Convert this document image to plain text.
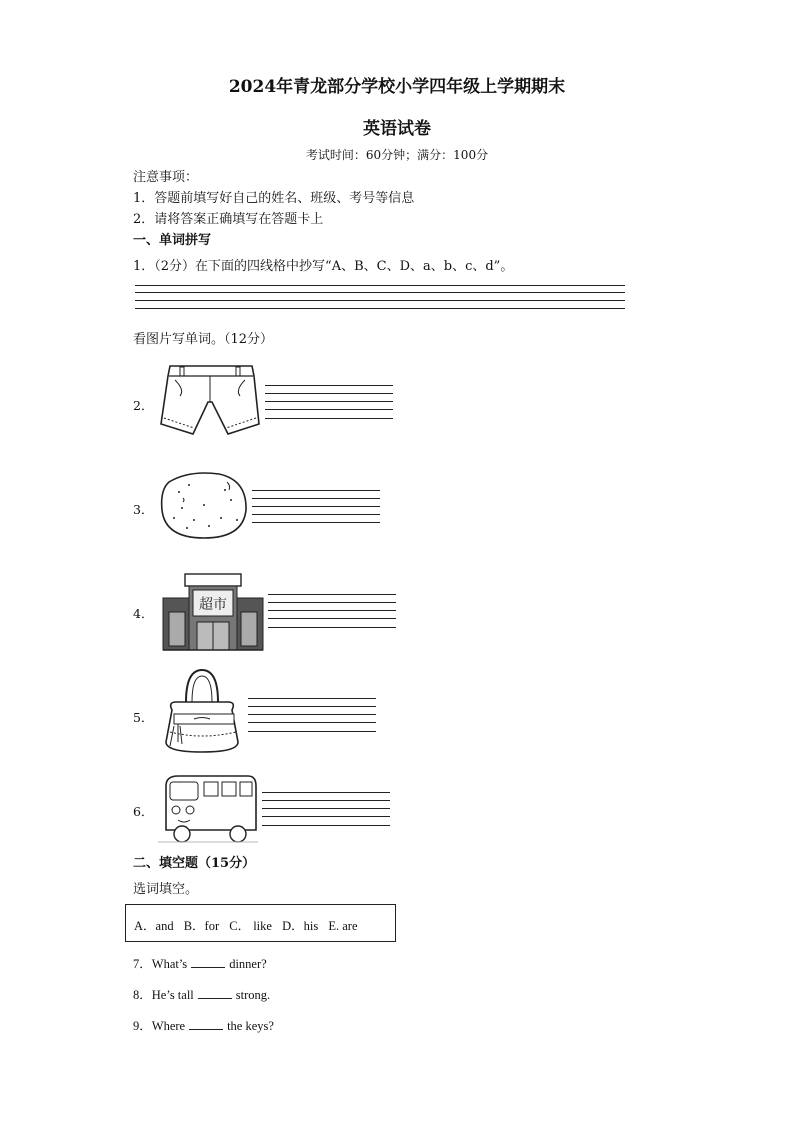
2024年青龙部分学校小学四年级上学期期末
英语试卷
考试时间：60分钟；满分：100分
注意事项：
1．答题前填写好自己的姓名、班级、考号等信息
2．请将答案正确填写在答题卡上
一、单词拼写
1．（2分）在下面的四线格中抄写“A、B、C、D、a、b、c、d”。
看图片写单词。（12分）
2．
3．
4．
超市
5．
6．
二、填空题（15分）
选词填空。
A．and B．for C． like D．his E. are
7．What’s	dinner?
8．He’s tall	strong.
9．Where	the keys?
